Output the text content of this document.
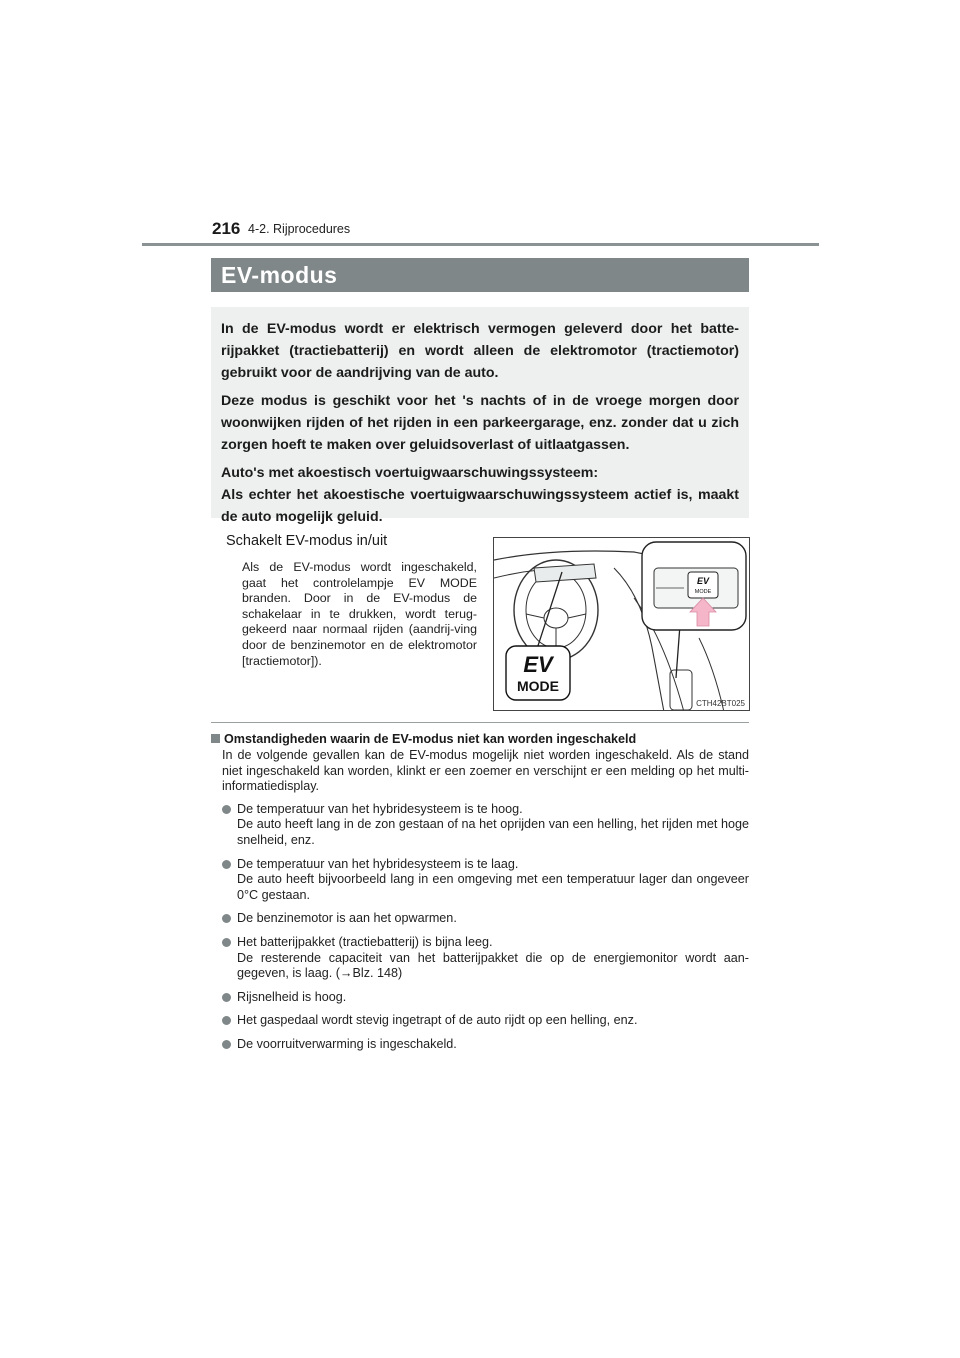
216 4-2. Rijprocedures
EV-modus

In de EV-modus wordt er elektrisch vermogen geleverd door het batte-rijpakket (tractiebatterij) en wordt alleen de elektromotor (tractiemotor) gebruikt voor de aandrijving van de auto.

Deze modus is geschikt voor het 's nachts of in de vroege morgen door woonwijken rijden of het rijden in een parkeergarage, enz. zonder dat u zich zorgen hoeft te maken over geluidsoverlast of uitlaatgassen.

Auto's met akoestisch voertuigwaarschuwingssysteem:

Als echter het akoestische voertuigwaarschuwingssysteem actief is, maakt de auto mogelijk geluid.

Schakelt EV-modus in/uit
Als de EV-modus wordt ingeschakeld, gaat het controlelampje EV MODE branden. Door in de EV-modus de schakelaar in te drukken, wordt terug-gekeerd naar normaal rijden (aandrij-ving door de benzinemotor en de elektromotor [tractiemotor]).
EV
MODE
EV
MODE
CTH42BT025
Omstandigheden waarin de EV-modus niet kan worden ingeschakeld
In de volgende gevallen kan de EV-modus mogelijk niet worden ingeschakeld. Als de stand niet ingeschakeld kan worden, klinkt er een zoemer en verschijnt er een melding op het multi-informatiedisplay.
De temperatuur van het hybridesysteem is te hoog.
De auto heeft lang in de zon gestaan of na het oprijden van een helling, het rijden met hoge snelheid, enz.
De temperatuur van het hybridesysteem is te laag.
De auto heeft bijvoorbeeld lang in een omgeving met een temperatuur lager dan ongeveer 0°C gestaan.
De benzinemotor is aan het opwarmen.
Het batterijpakket (tractiebatterij) is bijna leeg.
De resterende capaciteit van het batterijpakket die op de energiemonitor wordt aan-gegeven, is laag. (→Blz. 148)
Rijsnelheid is hoog.
Het gaspedaal wordt stevig ingetrapt of de auto rijdt op een helling, enz.
De voorruitverwarming is ingeschakeld.
